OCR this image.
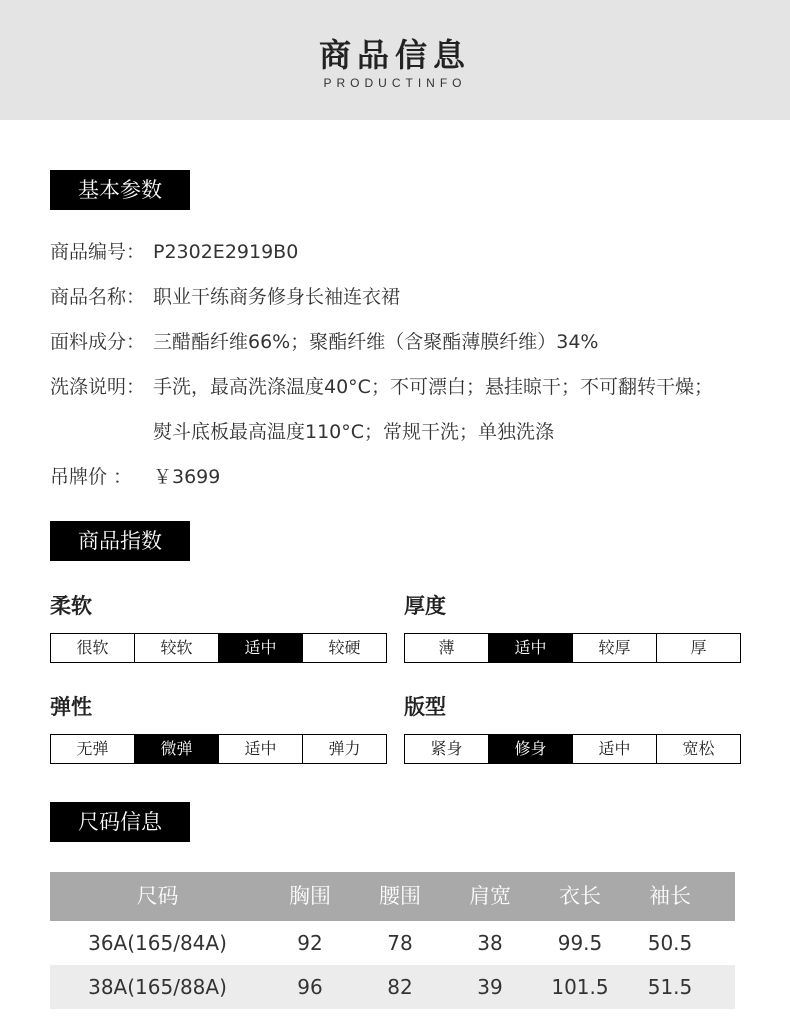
商品信息
PRODUCTINFO
基本参数
商品编号： P2302E2919B0
商品名称： 职业干练商务修身长袖连衣裙
面料成分： 三醋酯纤维66%；聚酯纤维（含聚酯薄膜纤维）34%
洗涤说明： 手洗，最高洗涤温度40°C；不可漂白；悬挂晾干；不可翻转干燥；
熨斗底板最高温度110°C；常规干洗；单独洗涤
吊牌价 ： ￥3699
商品指数
柔软
很软	较软	适中	较硬
厚度
薄	适中	较厚	厚
弹性
无弹	微弹	适中	弹力
版型
紧身	修身	适中	宽松
尺码信息
尺码	胸围	腰围	肩宽	衣长	袖长
36A(165/84A)	92	78	38	99.5	50.5
38A(165/88A)	96	82	39	101.5	51.5
